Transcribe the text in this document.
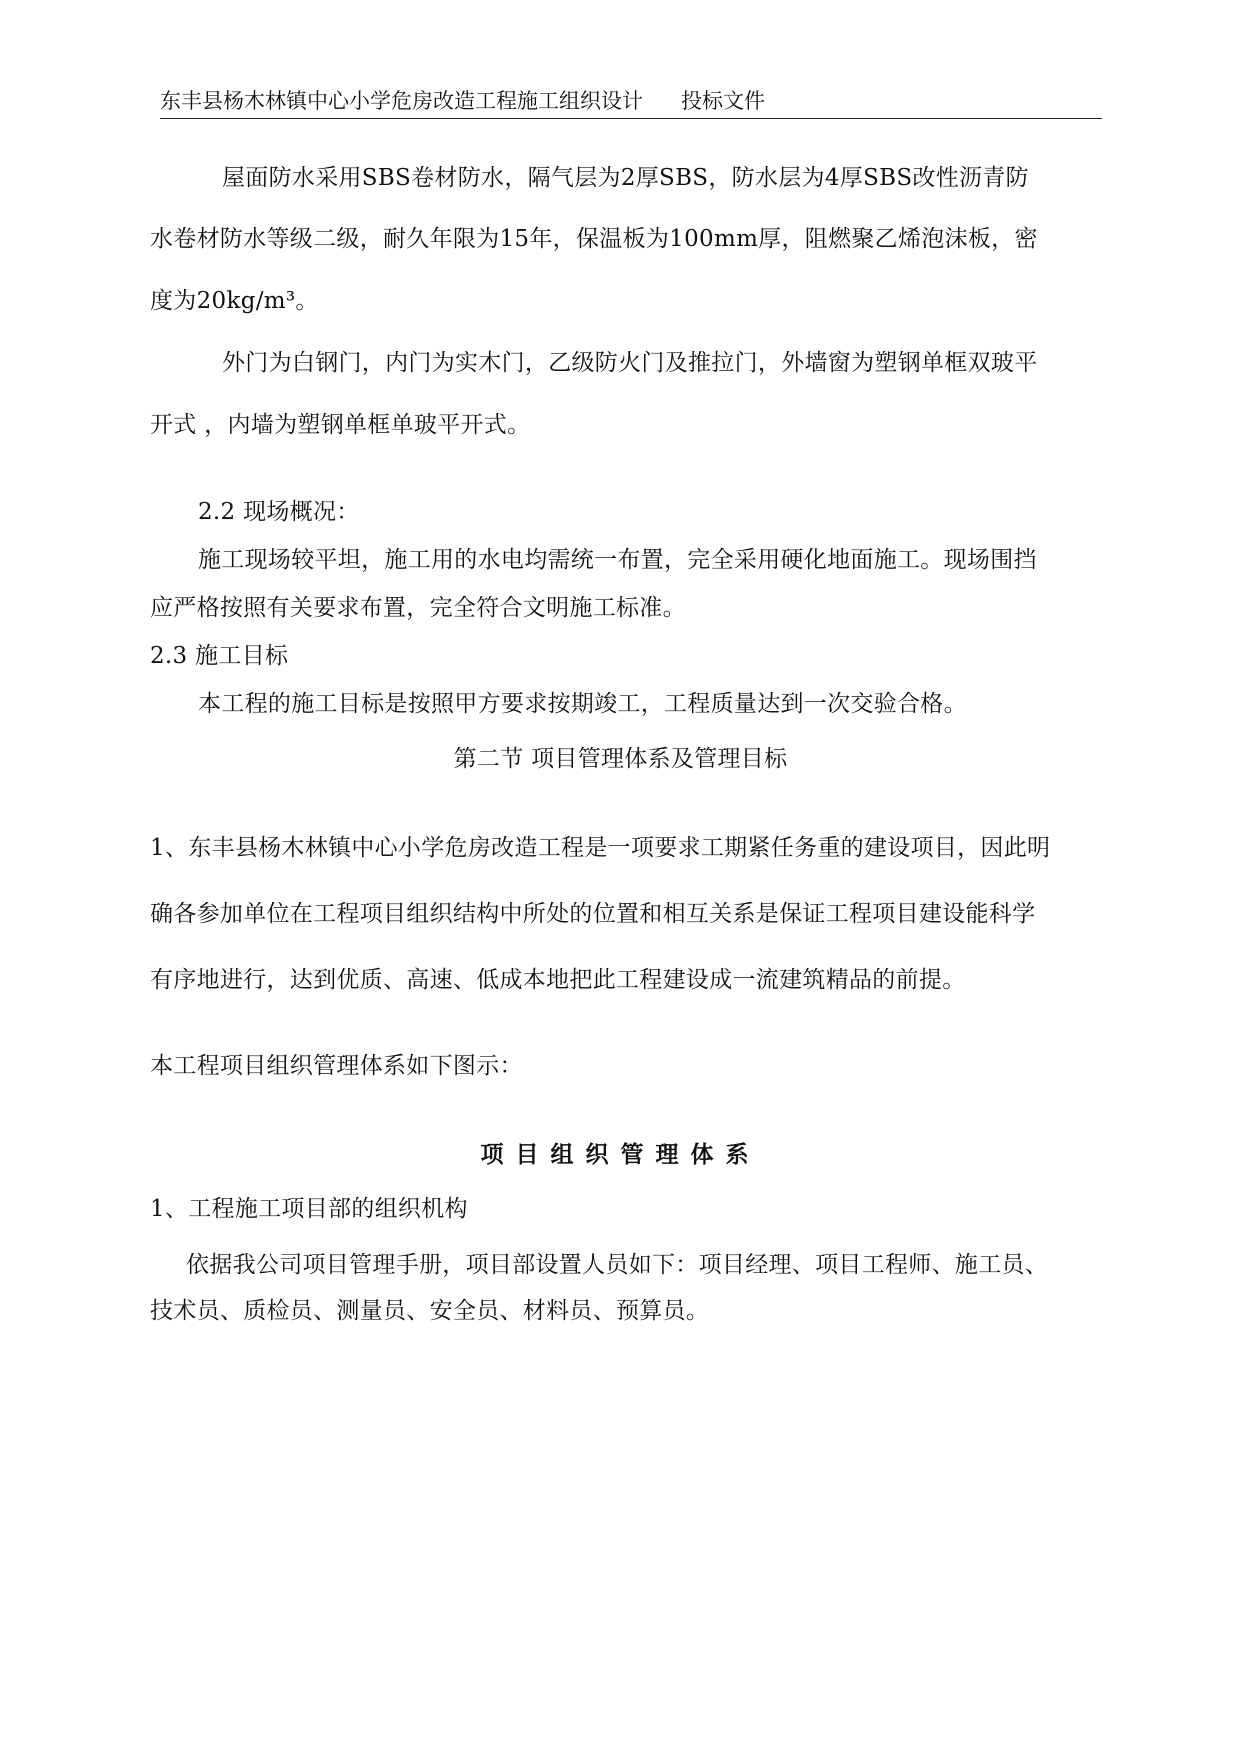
东丰县杨木林镇中心小学危房改造工程施工组织设计 投标文件
屋面防水采用SBS卷材防水，隔气层为2厚SBS，防水层为4厚SBS改性沥青防
水卷材防水等级二级，耐久年限为15年，保温板为100mm厚，阻燃聚乙烯泡沫板，密
度为20kg/m³。
外门为白钢门，内门为实木门，乙级防火门及推拉门，外墙窗为塑钢单框双玻平
开式 ，内墙为塑钢单框单玻平开式。
2.2 现场概况：
施工现场较平坦，施工用的水电均需统一布置，完全采用硬化地面施工。现场围挡
应严格按照有关要求布置，完全符合文明施工标准。
2.3 施工目标
本工程的施工目标是按照甲方要求按期竣工，工程质量达到一次交验合格。
第二节 项目管理体系及管理目标
1、东丰县杨木林镇中心小学危房改造工程是一项要求工期紧任务重的建设项目，因此明
确各参加单位在工程项目组织结构中所处的位置和相互关系是保证工程项目建设能科学
有序地进行，达到优质、高速、低成本地把此工程建设成一流建筑精品的前提。
本工程项目组织管理体系如下图示：
项目组织管理体系
1、工程施工项目部的组织机构
依据我公司项目管理手册，项目部设置人员如下：项目经理、项目工程师、施工员、
技术员、质检员、测量员、安全员、材料员、预算员。
